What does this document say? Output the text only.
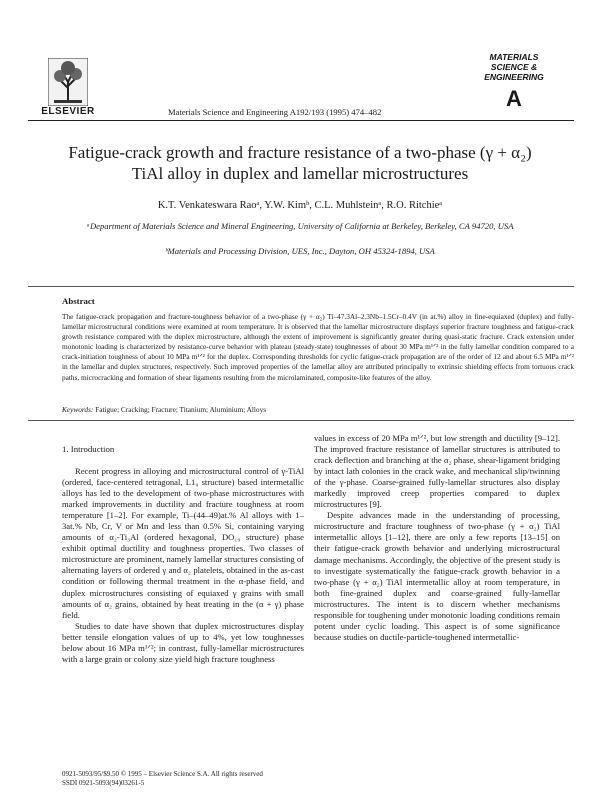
ELSEVIER	Materials Science and Engineering A192/193 (1995) 474–482
MATERIALS
SCIENCE &
ENGINEERING
A
Fatigue-crack growth and fracture resistance of a two-phase (γ + α₂)
TiAl alloy in duplex and lamellar microstructures
K.T. Venkateswara Raoᵃ, Y.W. Kimᵇ, C.L. Muhlsteinᵃ, R.O. Ritchieᵃ
ᵃDepartment of Materials Science and Mineral Engineering, University of California at Berkeley, Berkeley, CA 94720, USA
ᵇMaterials and Processing Division, UES, Inc., Dayton, OH 45324-1894, USA
Abstract
The fatigue-crack propagation and fracture-toughness behavior of a two-phase (γ + α₂) Ti–47.3Al–2.3Nb–1.5Cr–0.4V (in at.%) alloy in fine-equiaxed (duplex) and fully-lamellar microstructural conditions were examined at room temperature. It is observed that the lamellar microstructure displays superior fracture toughness and fatigue-crack growth resistance compared with the duplex microstructure, although the extent of improvement is significantly greater during quasi-static fracture. Crack extension under monotonic loading is characterized by resistance-curve behavior with plateau (steady-state) toughnesses of about 30 MPa m¹ᐟ² in the fully lamellar condition compared to a crack-initiation toughness of about 10 MPa m¹ᐟ² for the duplex. Corresponding thresholds for cyclic fatigue-crack propagation are of the order of 12 and about 6.5 MPa m¹ᐟ² in the lamellar and duplex structures, respectively. Such improved properties of the lamellar alloy are attributed principally to extrinsic shielding effects from tortuous crack paths, microcracking and formation of shear ligaments resulting from the microlaminated, composite-like features of the alloy.
Keywords: Fatigue; Cracking; Fracture; Titanium; Aluminium; Alloys
1. Introduction

Recent progress in alloying and microstructural control of γ-TiAl (ordered, face-centered tetragonal, L1₀ structure) based intermetallic alloys has led to the development of two-phase microstructures with marked improvements in ductility and fracture toughness at room temperature [1–2]. For example, Ti–(44–49)at.% Al alloys with 1–3at.% Nb, Cr, V or Mn and less than 0.5% Si, containing varying amounts of α₂-Ti₃Al (ordered hexagonal, DO₁₉ structure) phase exhibit optimal ductility and toughness properties. Two classes of microstructure are prominent, namely lamellar structures consisting of alternating layers of ordered γ and α₂ platelets, obtained in the as-cast condition or following thermal treatment in the α-phase field, and duplex microstructures consisting of equiaxed γ grains with small amounts of α₂ grains, obtained by heat treating in the (α + γ) phase field.

Studies to date have shown that duplex microstructures display better tensile elongation values of up to 4%, yet low toughnesses below about 16 MPa m¹ᐟ²; in contrast, fully-lamellar microstructures with a large grain or colony size yield high fracture toughness

values in excess of 20 MPa m¹ᐟ², but low strength and ductility [9–12]. The improved fracture resistance of lamellar structures is attributed to crack deflection and branching at the α₂ phase, shear-ligament bridging by intact lath colonies in the crack wake, and mechanical slip/twinning of the γ-phase. Coarse-grained fully-lamellar structures also display markedly improved creep properties compared to duplex microstructures [9].

Despite advances made in the understanding of processing, microstructure and fracture toughness of two-phase (γ + α₂) TiAl intermetallic alloys [1–12], there are only a few reports [13–15] on their fatigue-crack growth behavior and underlying microstructural damage mechanisms. Accordingly, the objective of the present study is to investigate systematically the fatigue-crack growth behavior in a two-phase (γ + α₂) TiAl intermetallic alloy at room temperature, in both fine-grained duplex and coarse-grained fully-lamellar microstructures. The intent is to discern whether mechanisms responsible for toughening under monotonic loading conditions remain potent under cyclic loading. This aspect is of some significance because studies on ductile-particle-toughened intermetallic-

0921-5093/95/$9.50 © 1995 – Elsevier Science S.A. All rights reserved
SSDI 0921-5093(94)03261-5
